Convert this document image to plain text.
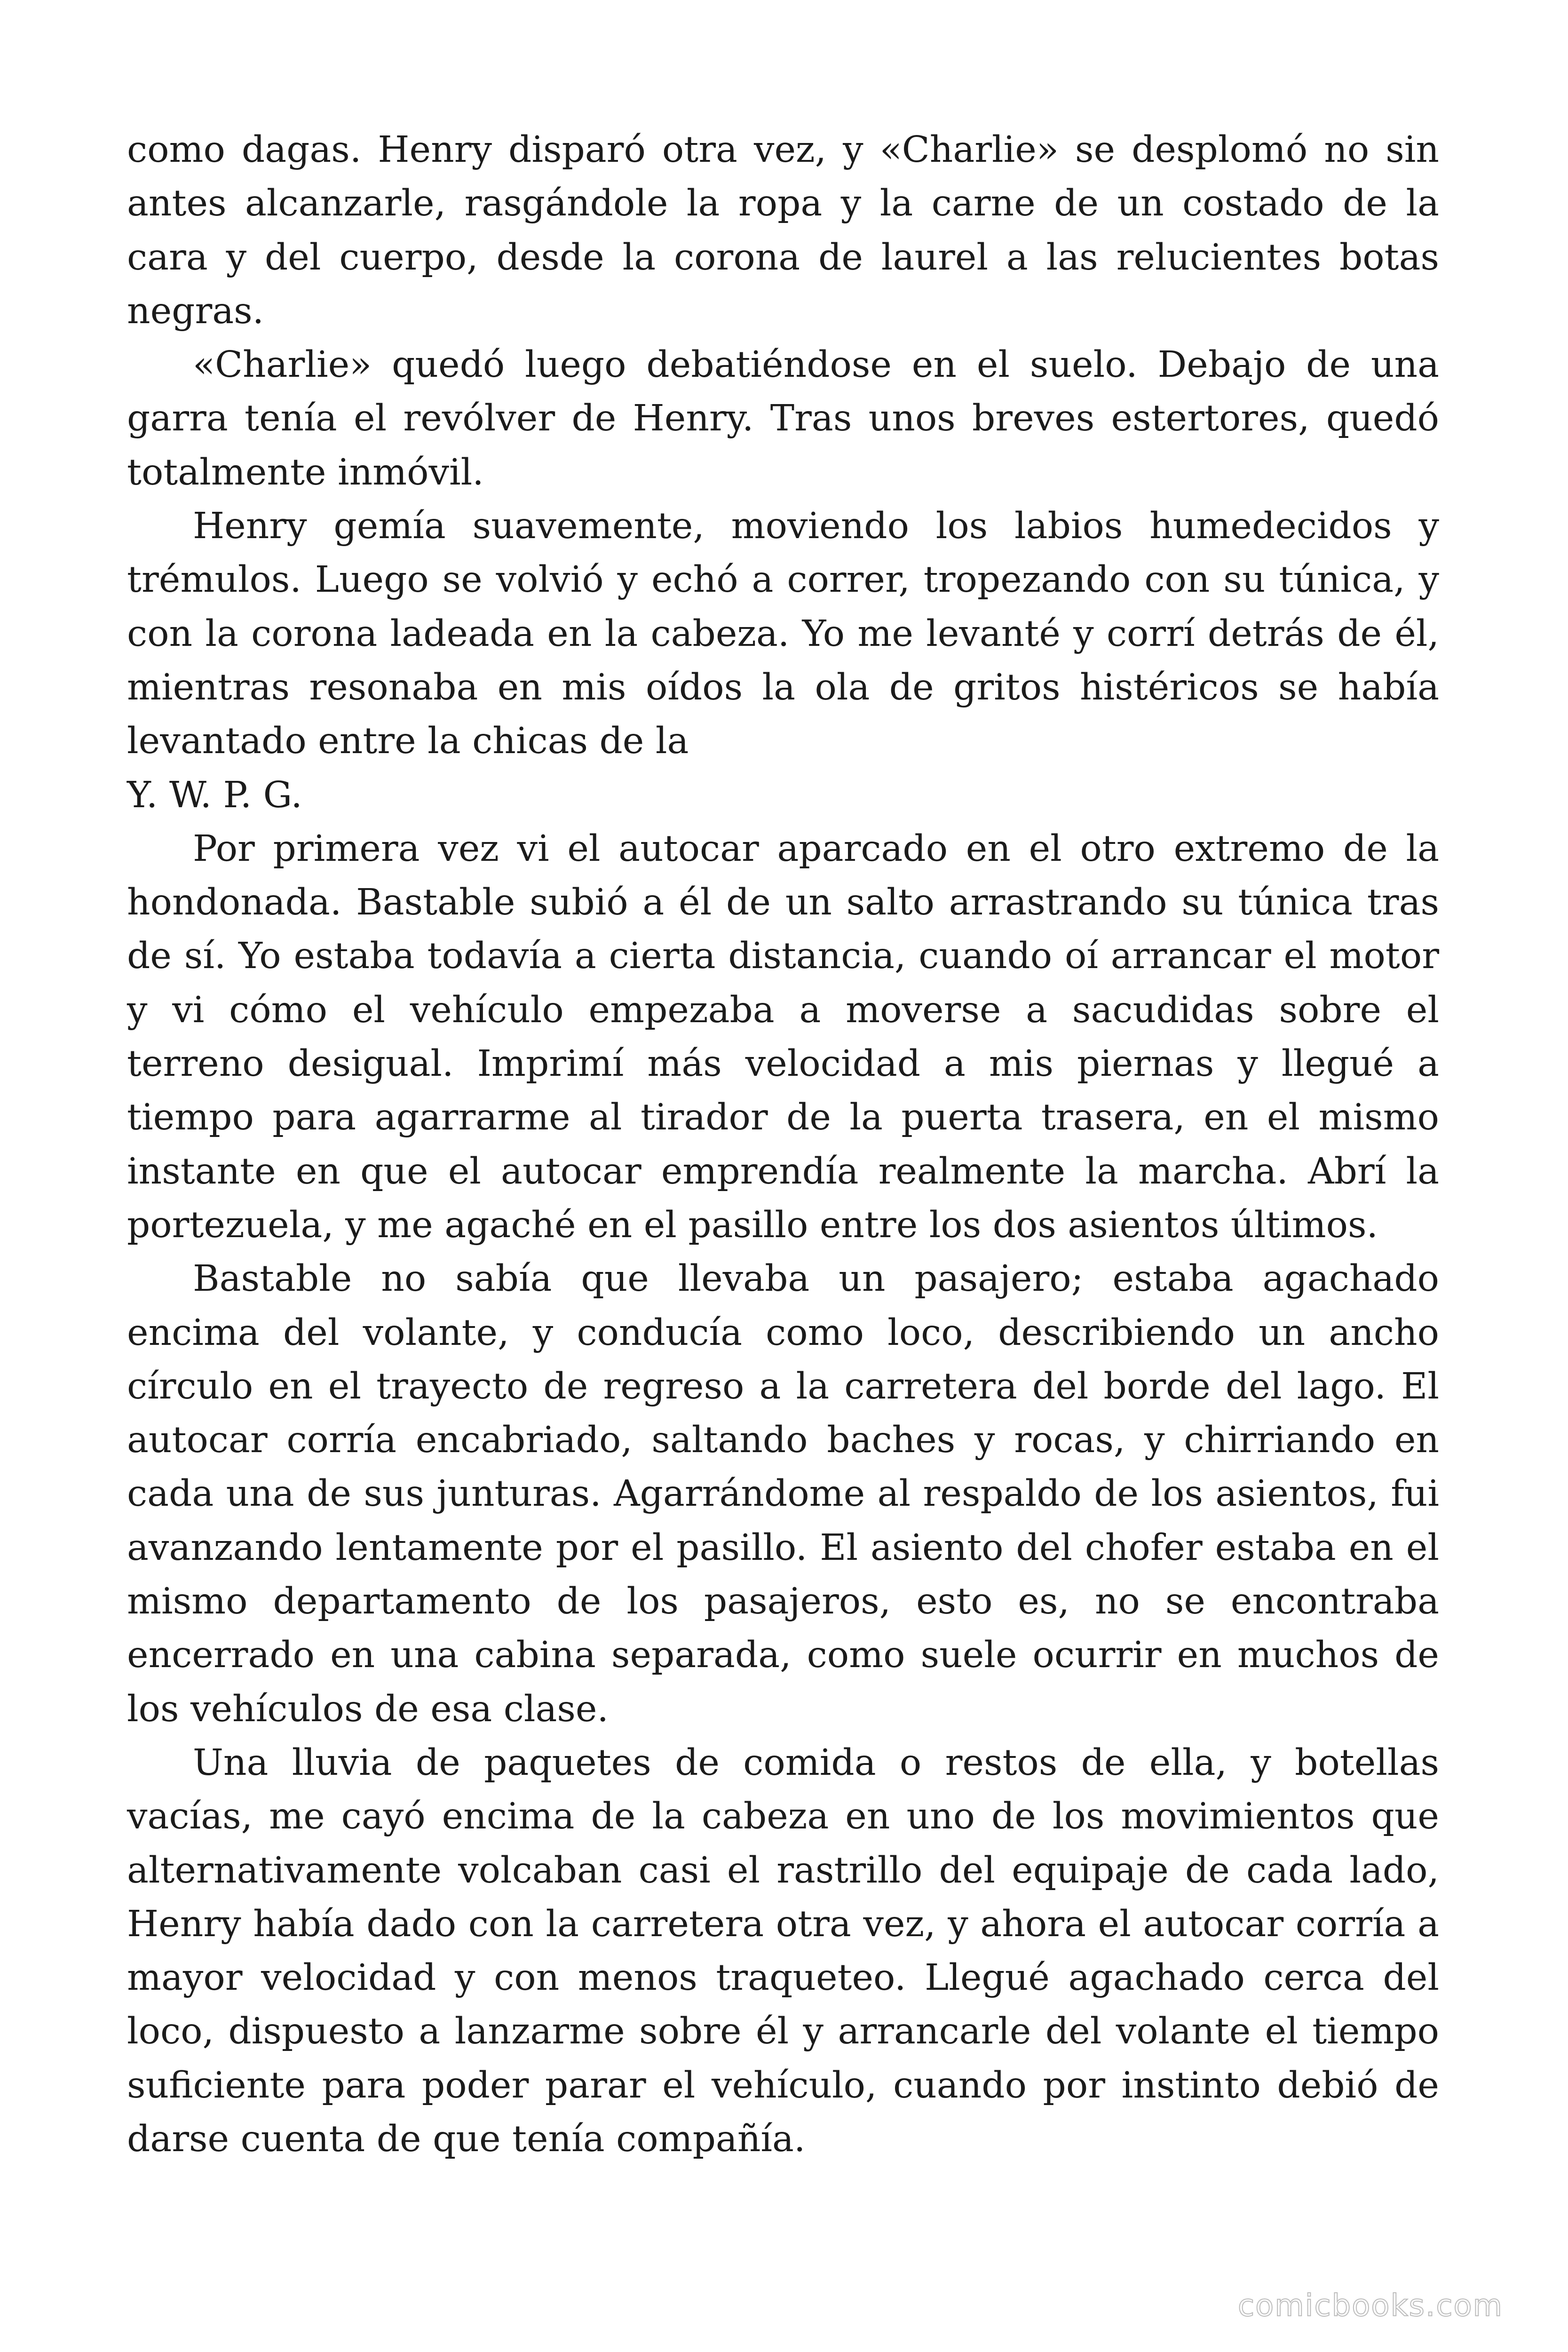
como dagas. Henry disparó otra vez, y «Charlie» se desplomó no sin antes alcanzarle, rasgándole la ropa y la carne de un costado de la cara y del cuerpo, desde la corona de laurel a las relucientes botas negras.

«Charlie» quedó luego debatiéndose en el suelo. Debajo de una garra tenía el revólver de Henry. Tras unos breves estertores, quedó totalmente inmóvil.

Henry gemía suavemente, moviendo los labios humedecidos y trémulos. Luego se volvió y echó a correr, tropezando con su túnica, y con la corona ladeada en la cabeza. Yo me levanté y corrí detrás de él, mientras resonaba en mis oídos la ola de gritos histéricos se había levantado entre la chicas de la

Y. W. P. G.

Por primera vez vi el autocar aparcado en el otro extremo de la hondonada. Bastable subió a él de un salto arrastrando su túnica tras de sí. Yo estaba todavía a cierta distancia, cuando oí arrancar el motor y vi cómo el vehículo empezaba a moverse a sacudidas sobre el terreno desigual. Imprimí más velocidad a mis piernas y llegué a tiempo para agarrarme al tirador de la puerta trasera, en el mismo instante en que el autocar emprendía realmente la marcha. Abrí la portezuela, y me agaché en el pasillo entre los dos asientos últimos.

Bastable no sabía que llevaba un pasajero; estaba agachado encima del volante, y conducía como loco, describiendo un ancho círculo en el trayecto de regreso a la carretera del borde del lago. El autocar corría encabriado, saltando baches y rocas, y chirriando en cada una de sus junturas. Agarrándome al respaldo de los asientos, fui avanzando lentamente por el pasillo. El asiento del chofer estaba en el mismo departamento de los pasajeros, esto es, no se encontraba encerrado en una cabina separada, como suele ocurrir en muchos de los vehículos de esa clase.

Una lluvia de paquetes de comida o restos de ella, y botellas vacías, me cayó encima de la cabeza en uno de los movimientos que alternativamente volcaban casi el rastrillo del equipaje de cada lado, Henry había dado con la carretera otra vez, y ahora el autocar corría a mayor velocidad y con menos traqueteo. Llegué agachado cerca del loco, dispuesto a lanzarme sobre él y arrancarle del volante el tiempo suficiente para poder parar el vehículo, cuando por instinto debió de darse cuenta de que tenía compañía.

comicbooks.com
